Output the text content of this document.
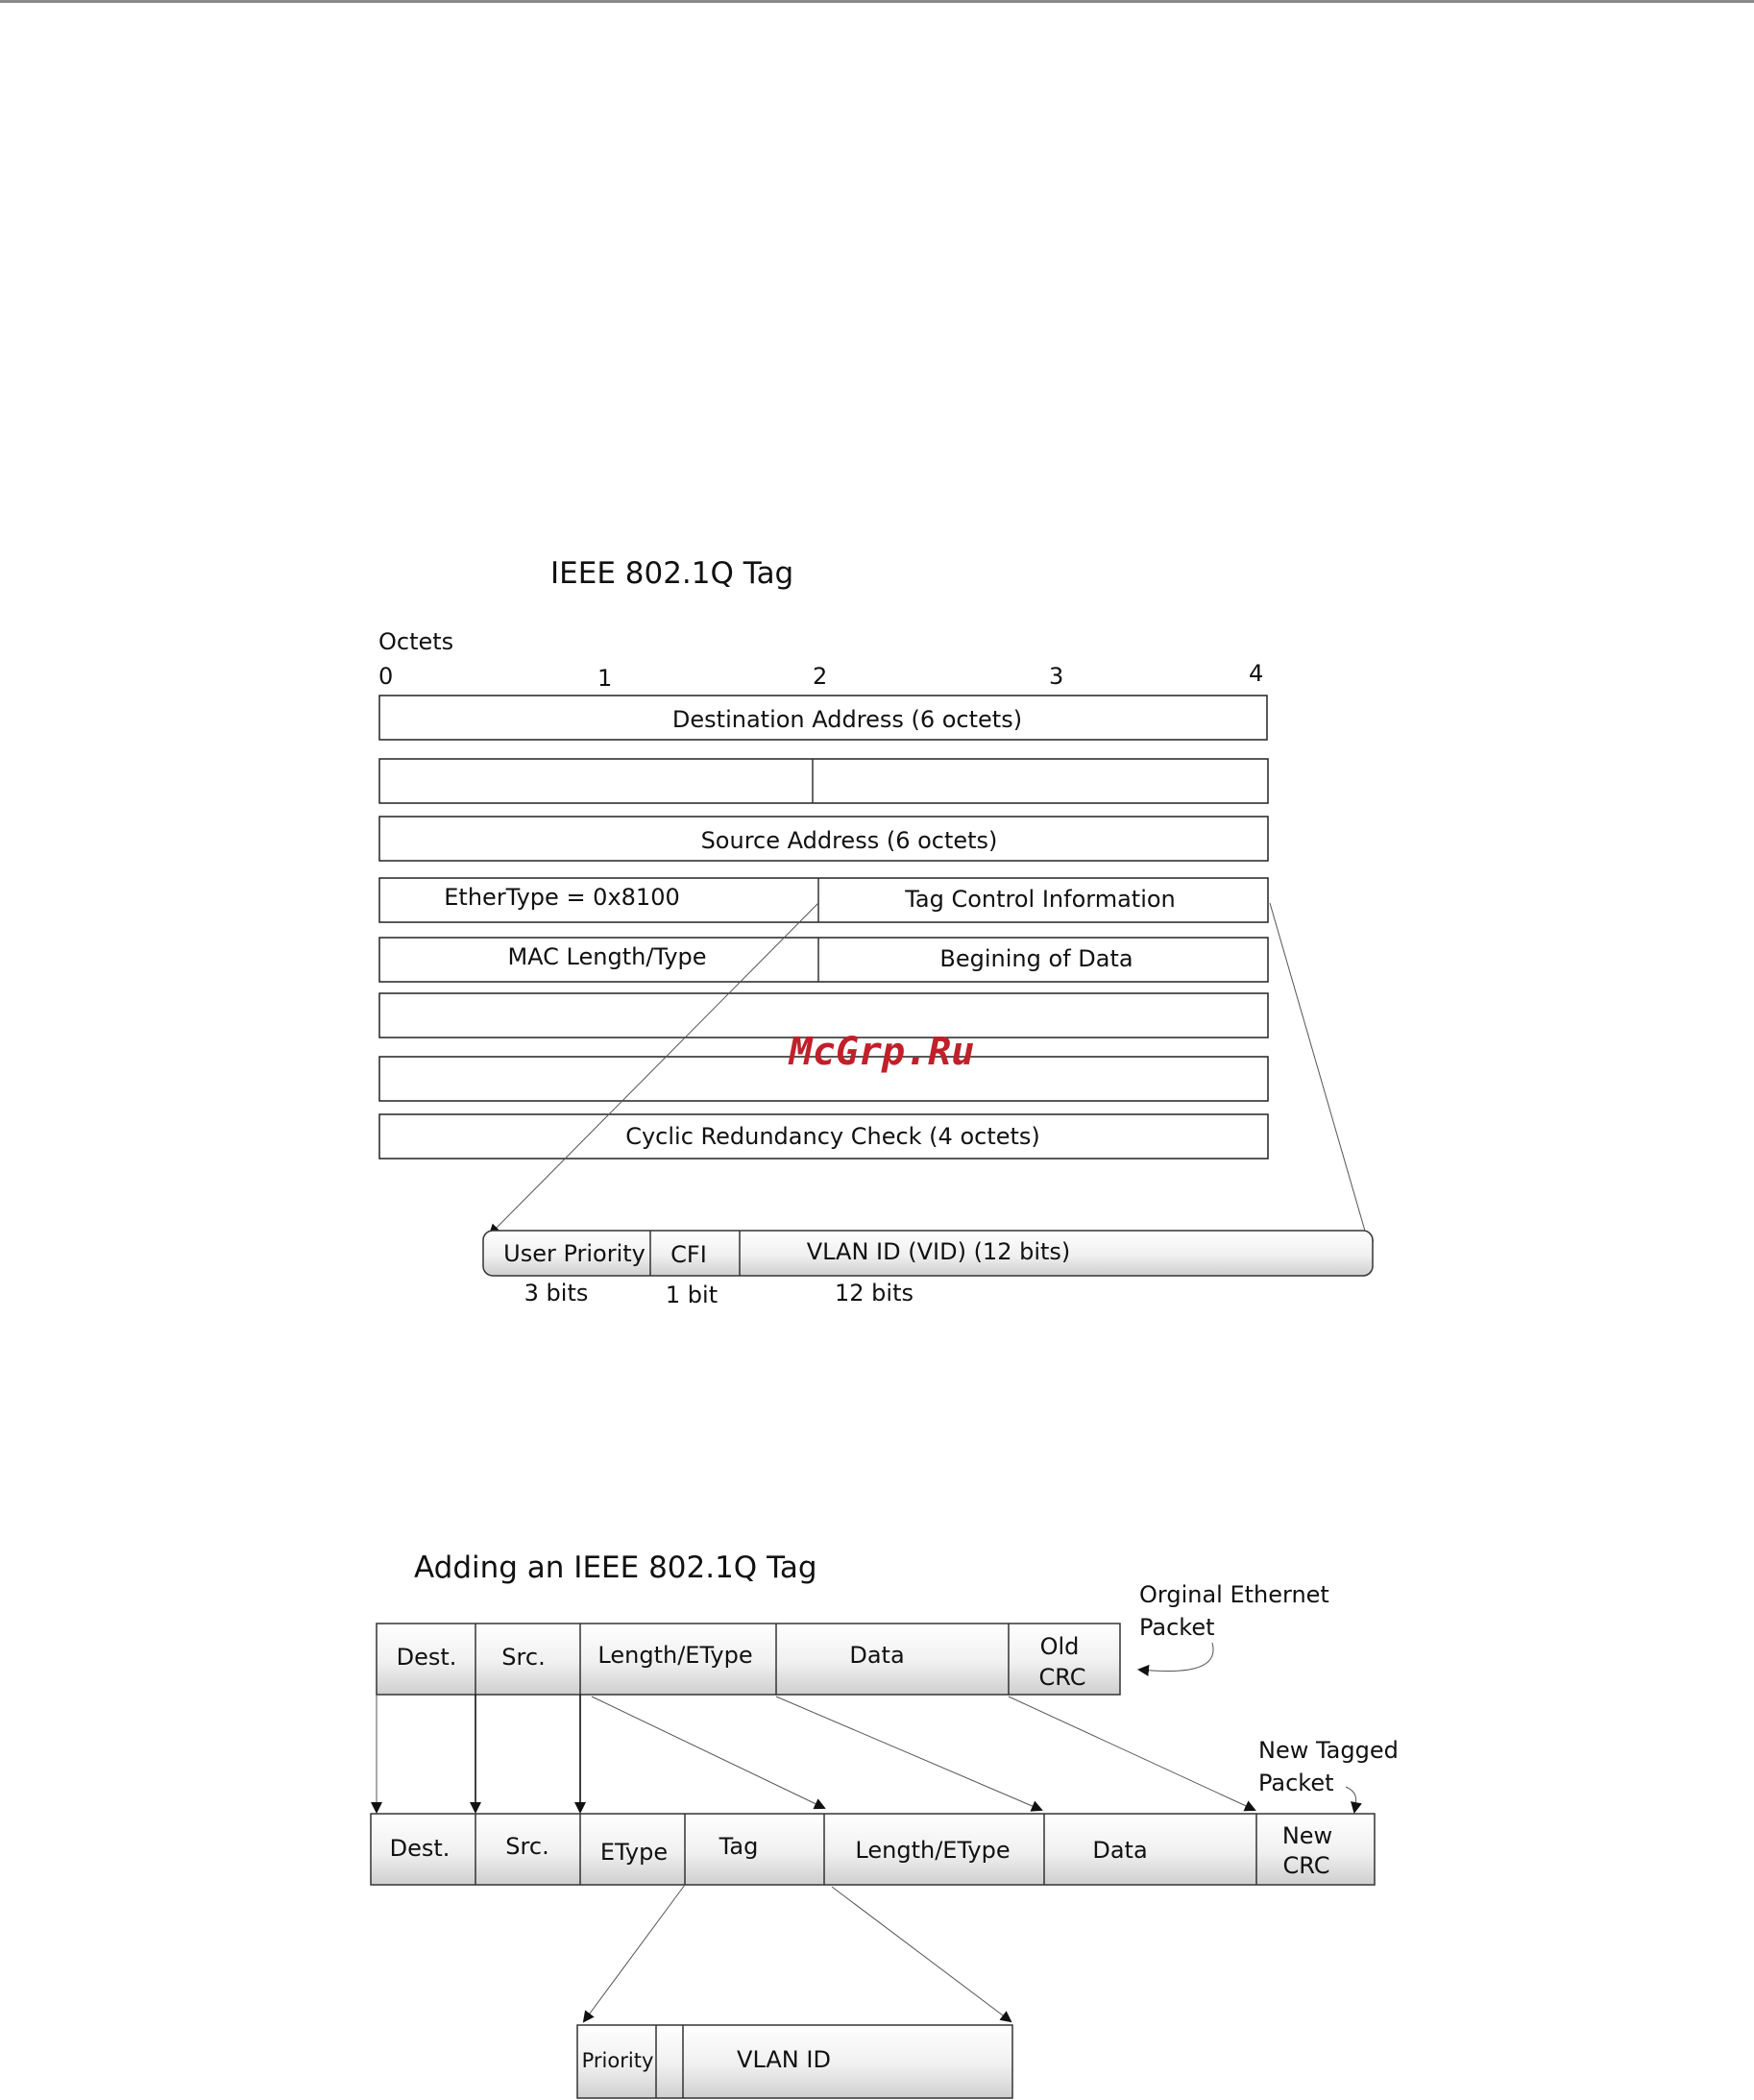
IEEE 802.1Q Tag
Octets
0	1	2	3	4
Destination Address (6 octets)
Source Address (6 octets)
EtherType = 0x8100	Tag Control Information
MAC Length/Type	Begining of Data
Cyclic Redundancy Check (4 octets)
User Priority CFI	VLAN ID (VID) (12 bits)
3 bits	1 bit	12 bits
McGrp.Ru
Adding an IEEE 802.1Q Tag
Orginal Ethernet
Packet
Dest. Src. Length/EType	Data	Old
CRC
New Tagged
Packet
Dest. Src. EType Tag	Length/EType	Data
New
CRC
Priority	VLAN ID
